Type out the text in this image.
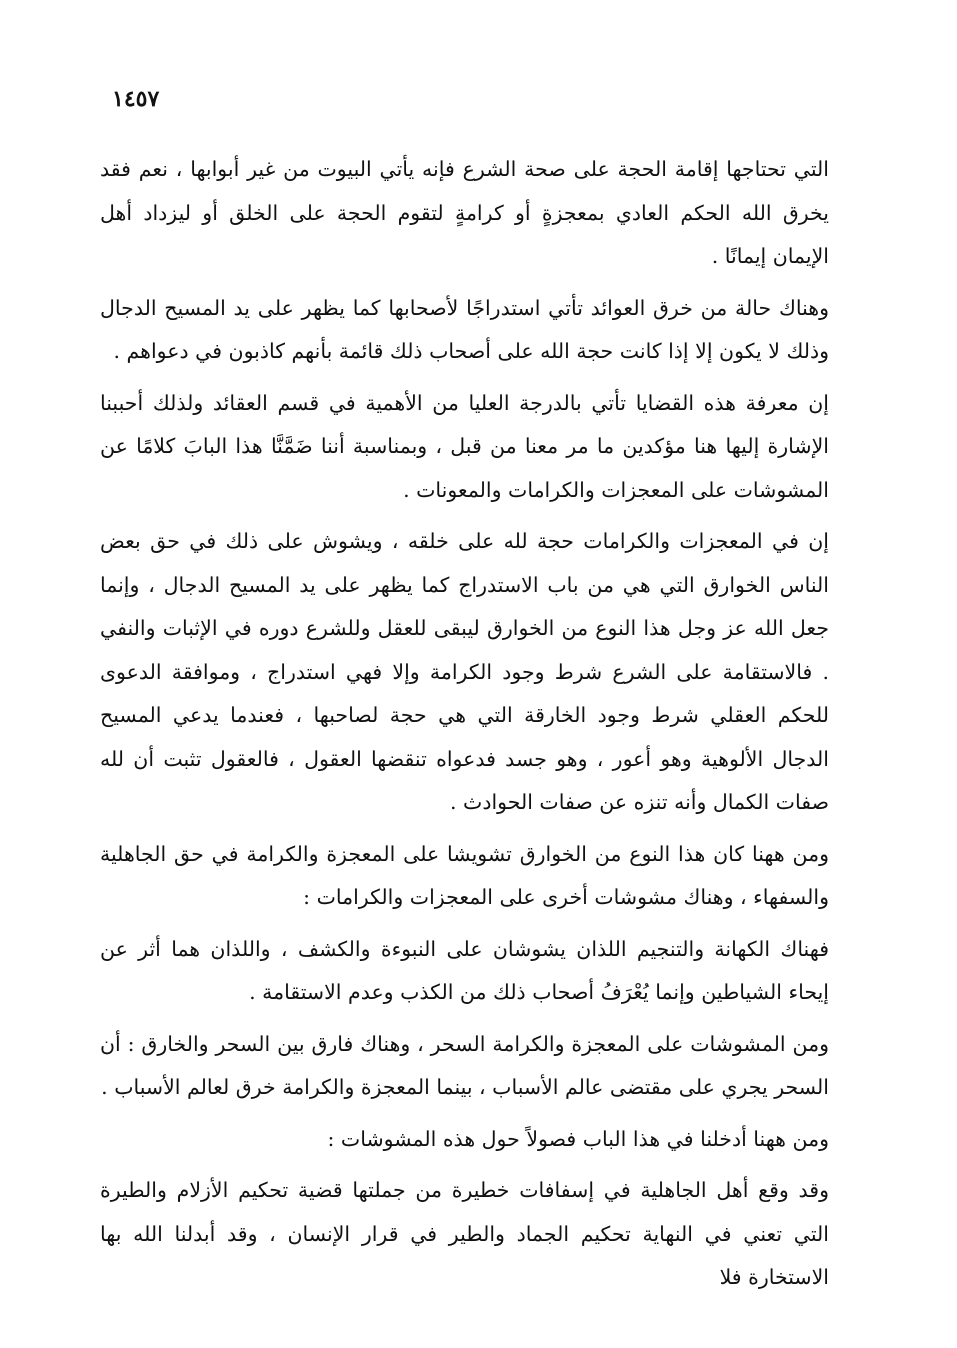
١٤٥٧

التي تحتاجها إقامة الحجة على صحة الشرع فإنه يأتي البيوت من غير أبوابها ، نعم فقد يخرق الله الحكم العادي بمعجزةٍ أو كرامةٍ لتقوم الحجة على الخلق أو ليزداد أهل الإيمان إيمانًا .

وهناك حالة من خرق العوائد تأتي استدراجًا لأصحابها كما يظهر على يد المسيح الدجال وذلك لا يكون إلا إذا كانت حجة الله على أصحاب ذلك قائمة بأنهم كاذبون في دعواهم .

إن معرفة هذه القضايا تأتي بالدرجة العليا من الأهمية في قسم العقائد ولذلك أحببنا الإشارة إليها هنا مؤكدين ما مر معنا من قبل ، وبمناسبة أننا ضَمَّنَّا هذا البابَ كلامًا عن المشوشات على المعجزات والكرامات والمعونات .

إن في المعجزات والكرامات حجة لله على خلقه ، ويشوش على ذلك في حق بعض الناس الخوارق التي هي من باب الاستدراج كما يظهر على يد المسيح الدجال ، وإنما جعل الله عز وجل هذا النوع من الخوارق ليبقى للعقل وللشرع دوره في الإثبات والنفي . فالاستقامة على الشرع شرط وجود الكرامة وإلا فهي استدراج ، وموافقة الدعوى للحكم العقلي شرط وجود الخارقة التي هي حجة لصاحبها ، فعندما يدعي المسيح الدجال الألوهية وهو أعور ، وهو جسد فدعواه تنقضها العقول ، فالعقول تثبت أن لله صفات الكمال وأنه تنزه عن صفات الحوادث .

ومن ههنا كان هذا النوع من الخوارق تشويشا على المعجزة والكرامة في حق الجاهلية والسفهاء ، وهناك مشوشات أخرى على المعجزات والكرامات :

فهناك الكهانة والتنجيم اللذان يشوشان على النبوءة والكشف ، واللذان هما أثر عن إيحاء الشياطين وإنما يُعْرَفُ أصحاب ذلك من الكذب وعدم الاستقامة .

ومن المشوشات على المعجزة والكرامة السحر ، وهناك فارق بين السحر والخارق : أن السحر يجري على مقتضى عالم الأسباب ، بينما المعجزة والكرامة خرق لعالم الأسباب .

ومن ههنا أدخلنا في هذا الباب فصولاً حول هذه المشوشات :

وقد وقع أهل الجاهلية في إسفافات خطيرة من جملتها قضية تحكيم الأزلام والطيرة التي تعني في النهاية تحكيم الجماد والطير في قرار الإنسان ، وقد أبدلنا الله بها الاستخارة فلا
